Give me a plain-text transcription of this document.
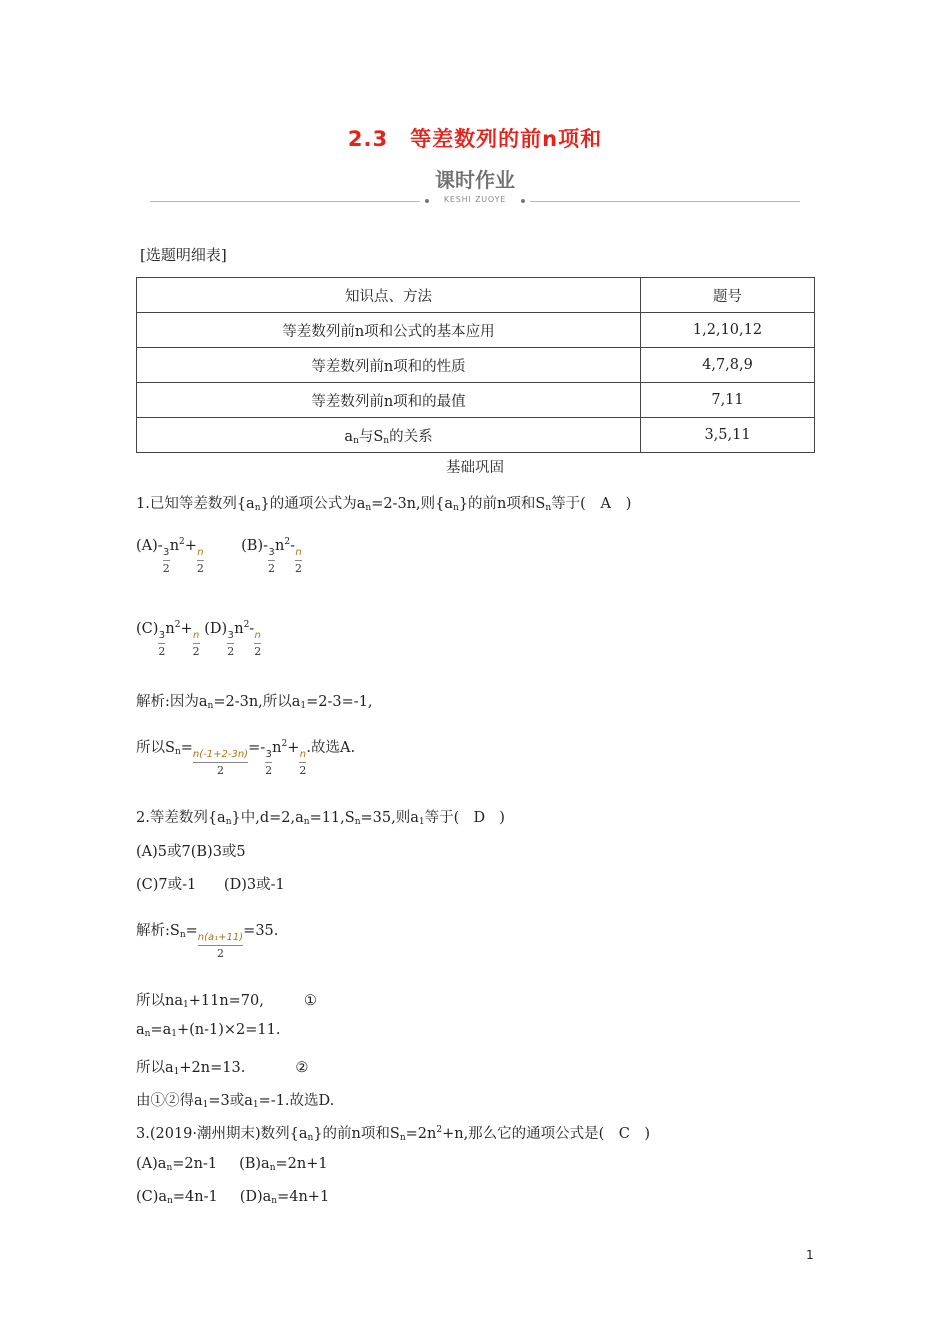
2.3 等差数列的前n项和
课时作业
KESHI ZUOYE
[选题明细表]
知识点、方法	题号
等差数列前n项和公式的基本应用	1,2,10,12
等差数列前n项和的性质	4,7,8,9
等差数列前n项和的最值	7,11
$a_n$与$S_n$的关系	3,5,11
基础巩固
1.已知等差数列$\{a_n\}$的通项公式为$a_n=2-3n$,则$\{a_n\}$的前n项和$S_n$等于( A )
(A)-
$\frac{3}{2}$
$n^2+$
$\frac{n}{2}$
(B)-
$\frac{3}{2}$
$n^2-$
$\frac{n}{2}$
(C)
$\frac{3}{2}$
$n^2+$
$\frac{n}{2}$
(D)
$\frac{3}{2}$
$n^2-$
$\frac{n}{2}$
解析:因为$a_n=2-3n$,所以$a_1=2-3=-1$,
所以$S_n=$
$\frac{n(-1+2-3n)}{2}$
=-
$\frac{3}{2}$
$n^2+$
$\frac{n}{2}$
.故选A.
2.等差数列$\{a_n\}$中$,d=2,a_n=11,S_n=35$,则$a_1$等于( D )
(A)5或7(B)3或5
(C)7或-1      (D)3或-1
解析$:S_n=$
$\frac{\text{n(a₁+11)}}{2}$
=35.
所以$na_1+11n=70$,	①
$a_n=a_1+(n-1)\times 2=11$.
所以$a_1+2n=13$.	②
由①②得$a_1=3$或$a_1=-1$.故选D.
3.(2019·潮州期末)数列$\{a_n\}$的前n项和$S_n=2n^2+n$,那么它的通项公式是( C )
$(A)a_n=2n-1$ $(B)a_n=2n+1$
$(C)a_n=4n-1$ $(D)a_n=4n+1$
1
